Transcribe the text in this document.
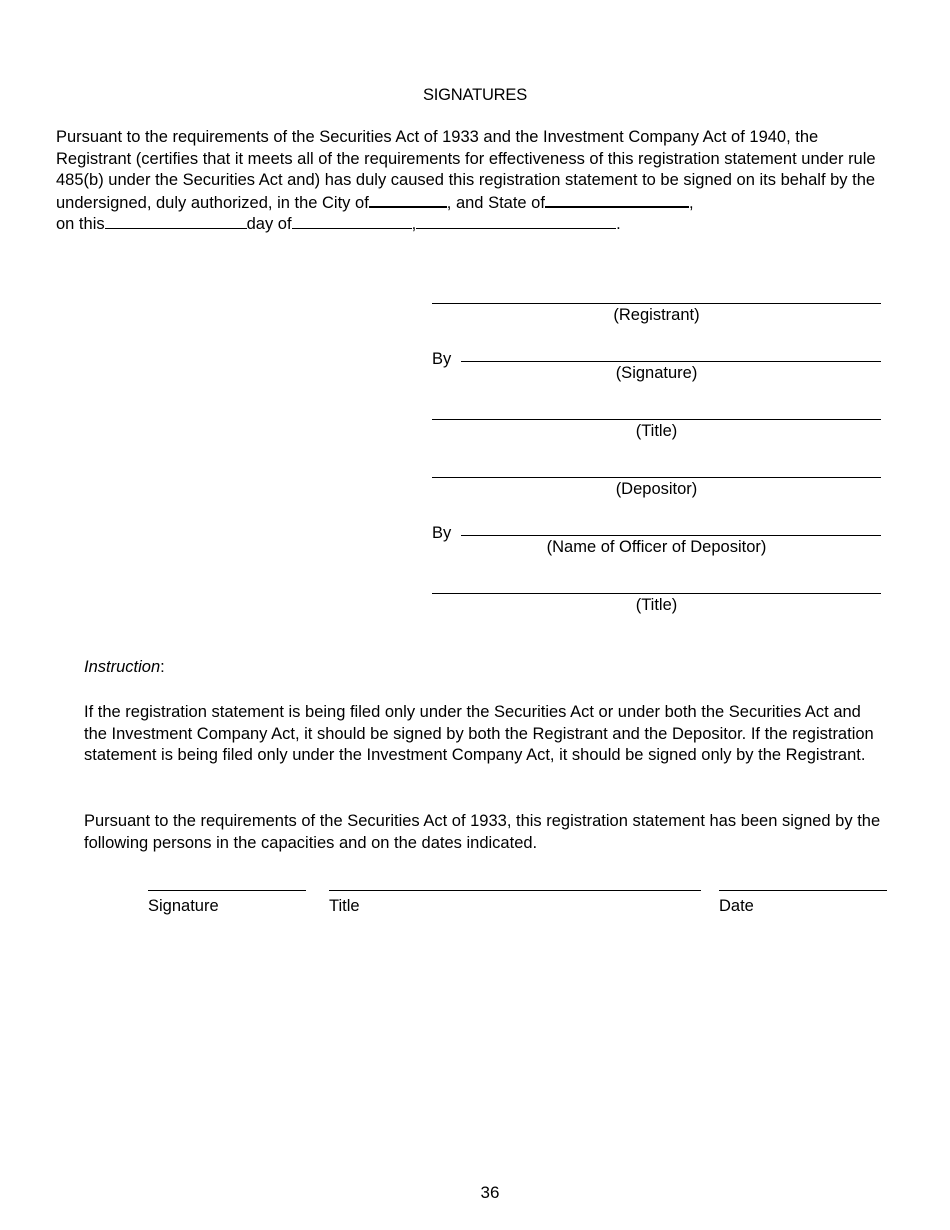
SIGNATURES

Pursuant to the requirements of the Securities Act of 1933 and the Investment Company Act of 1940, the Registrant (certifies that it meets all of the requirements for effectiveness of this registration statement under rule 485(b) under the Securities Act and) has duly caused this registration statement to be signed on its behalf by the undersigned, duly authorized, in the City of	, and State of	,
on this	day of	,	.

(Registrant)
By
(Signature)
(Title)
(Depositor)
By
(Name of Officer of Depositor)
(Title)

Instruction:

If the registration statement is being filed only under the Securities Act or under both the Securities Act and the Investment Company Act, it should be signed by both the Registrant and the Depositor. If the registration statement is being filed only under the Investment Company Act, it should be signed only by the Registrant.

Pursuant to the requirements of the Securities Act of 1933, this registration statement has been signed by the following persons in the capacities and on the dates indicated.

Signature	Title	Date
36
